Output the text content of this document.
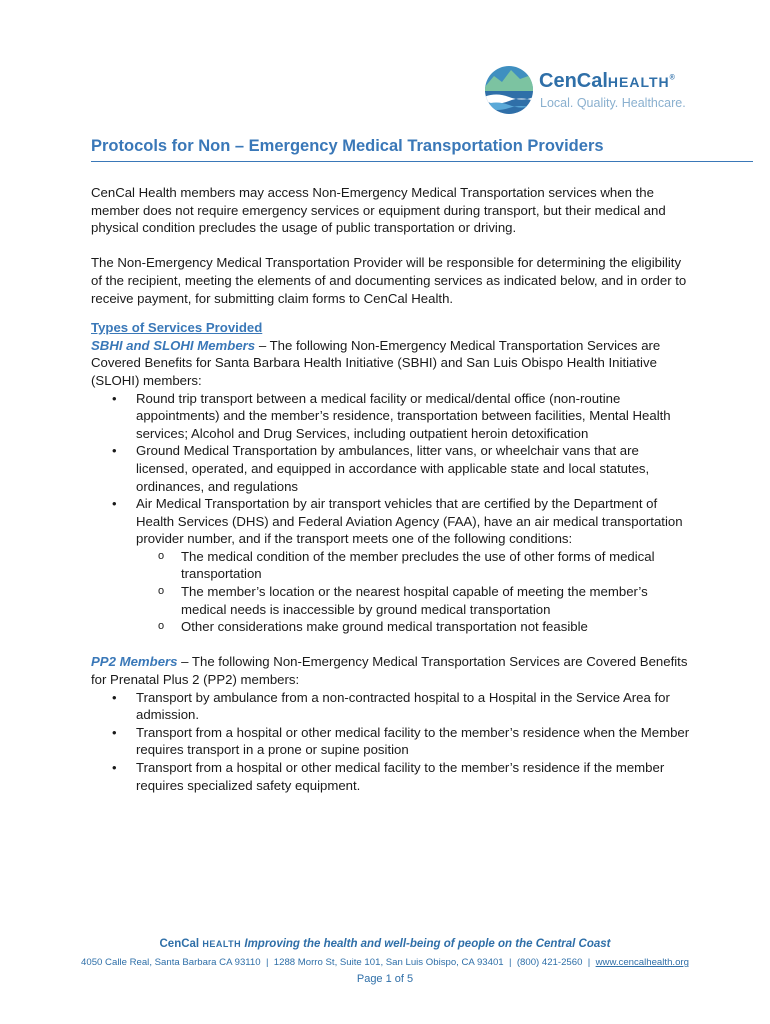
CenCalHEALTH®
Local. Quality. Healthcare.
Protocols for Non – Emergency Medical Transportation Providers

CenCal Health members may access Non-Emergency Medical Transportation services when the member does not require emergency services or equipment during transport, but their medical and physical condition precludes the usage of public transportation or driving.

The Non-Emergency Medical Transportation Provider will be responsible for determining the eligibility of the recipient, meeting the elements of and documenting services as indicated below, and in order to receive payment, for submitting claim forms to CenCal Health.

Types of Services Provided

SBHI and SLOHI Members – The following Non-Emergency Medical Transportation Services are Covered Benefits for Santa Barbara Health Initiative (SBHI) and San Luis Obispo Health Initiative (SLOHI) members:

• Round trip transport between a medical facility or medical/dental office (non-routine appointments) and the member’s residence, transportation between facilities, Mental Health services; Alcohol and Drug Services, including outpatient heroin detoxification
• Ground Medical Transportation by ambulances, litter vans, or wheelchair vans that are licensed, operated, and equipped in accordance with applicable state and local statutes, ordinances, and regulations
• Air Medical Transportation by air transport vehicles that are certified by the Department of Health Services (DHS) and Federal Aviation Agency (FAA), have an air medical transportation provider number, and if the transport meets one of the following conditions:
o The medical condition of the member precludes the use of other forms of medical transportation
o The member’s location or the nearest hospital capable of meeting the member’s medical needs is inaccessible by ground medical transportation
o Other considerations make ground medical transportation not feasible

PP2 Members – The following Non-Emergency Medical Transportation Services are Covered Benefits for Prenatal Plus 2 (PP2) members:

• Transport by ambulance from a non-contracted hospital to a Hospital in the Service Area for admission.
• Transport from a hospital or other medical facility to the member’s residence when the Member requires transport in a prone or supine position
• Transport from a hospital or other medical facility to the member’s residence if the member requires specialized safety equipment.
CenCal HEALTH Improving the health and well-being of people on the Central Coast
4050 Calle Real, Santa Barbara CA 93110  |  1288 Morro St, Suite 101, San Luis Obispo, CA 93401  |  (800) 421-2560  |  www.cencalhealth.org
Page 1 of 5
